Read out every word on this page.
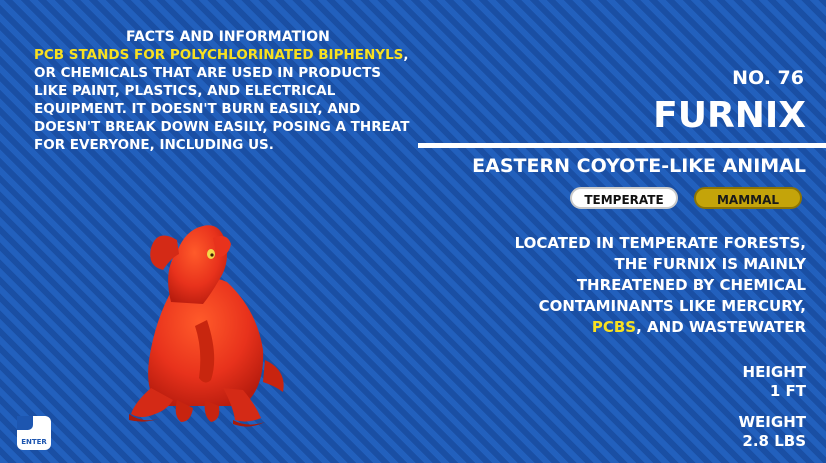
FACTS AND INFORMATION
PCB STANDS FOR POLYCHLORINATED BIPHENYLS, OR CHEMICALS THAT ARE USED IN PRODUCTS LIKE PAINT, PLASTICS, AND ELECTRICAL EQUIPMENT. IT DOESN'T BURN EASILY, AND DOESN'T BREAK DOWN EASILY, POSING A THREAT FOR EVERYONE, INCLUDING US.
NO. 76
FURNIX
EASTERN COYOTE-LIKE ANIMAL
TEMPERATE	MAMMAL
LOCATED IN TEMPERATE FORESTS, THE FURNIX IS MAINLY THREATENED BY CHEMICAL CONTAMINANTS LIKE MERCURY, PCBS, AND WASTEWATER
HEIGHT
1 FT
WEIGHT
2.8 LBS
ENTER
